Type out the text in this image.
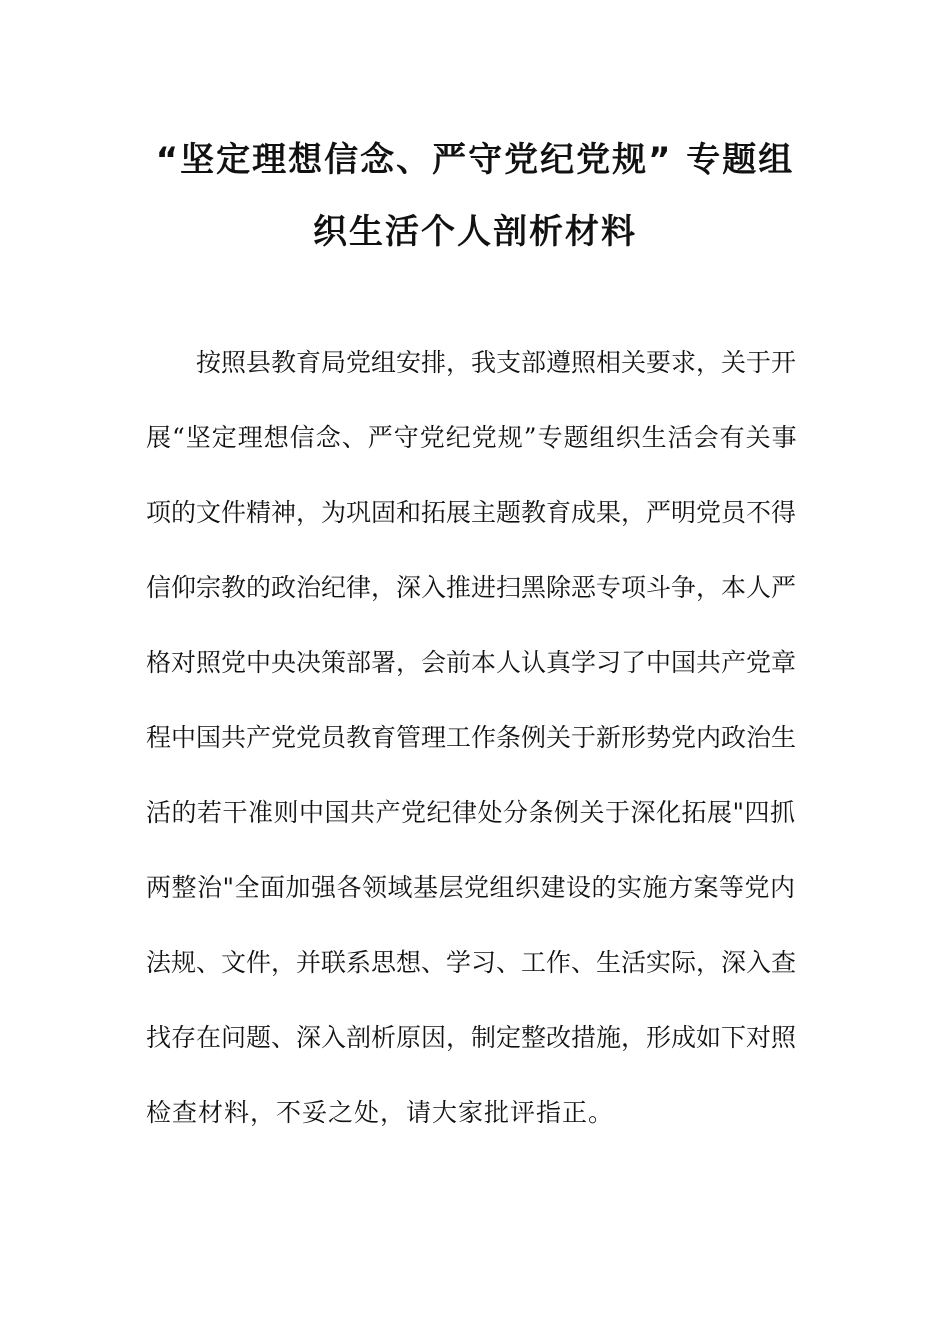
“坚定理想信念、严守党纪党规” 专题组
织生活个人剖析材料
按照县教育局党组安排，我支部遵照相关要求，关于开
展“坚定理想信念、严守党纪党规”专题组织生活会有关事
项的文件精神，为巩固和拓展主题教育成果，严明党员不得
信仰宗教的政治纪律，深入推进扫黑除恶专项斗争，本人严
格对照党中央决策部署，会前本人认真学习了中国共产党章
程中国共产党党员教育管理工作条例关于新形势党内政治生
活的若干准则中国共产党纪律处分条例关于深化拓展"四抓
两整治"全面加强各领域基层党组织建设的实施方案等党内
法规、文件，并联系思想、学习、工作、生活实际，深入查
找存在问题、深入剖析原因，制定整改措施，形成如下对照
检查材料，不妥之处，请大家批评指正。
